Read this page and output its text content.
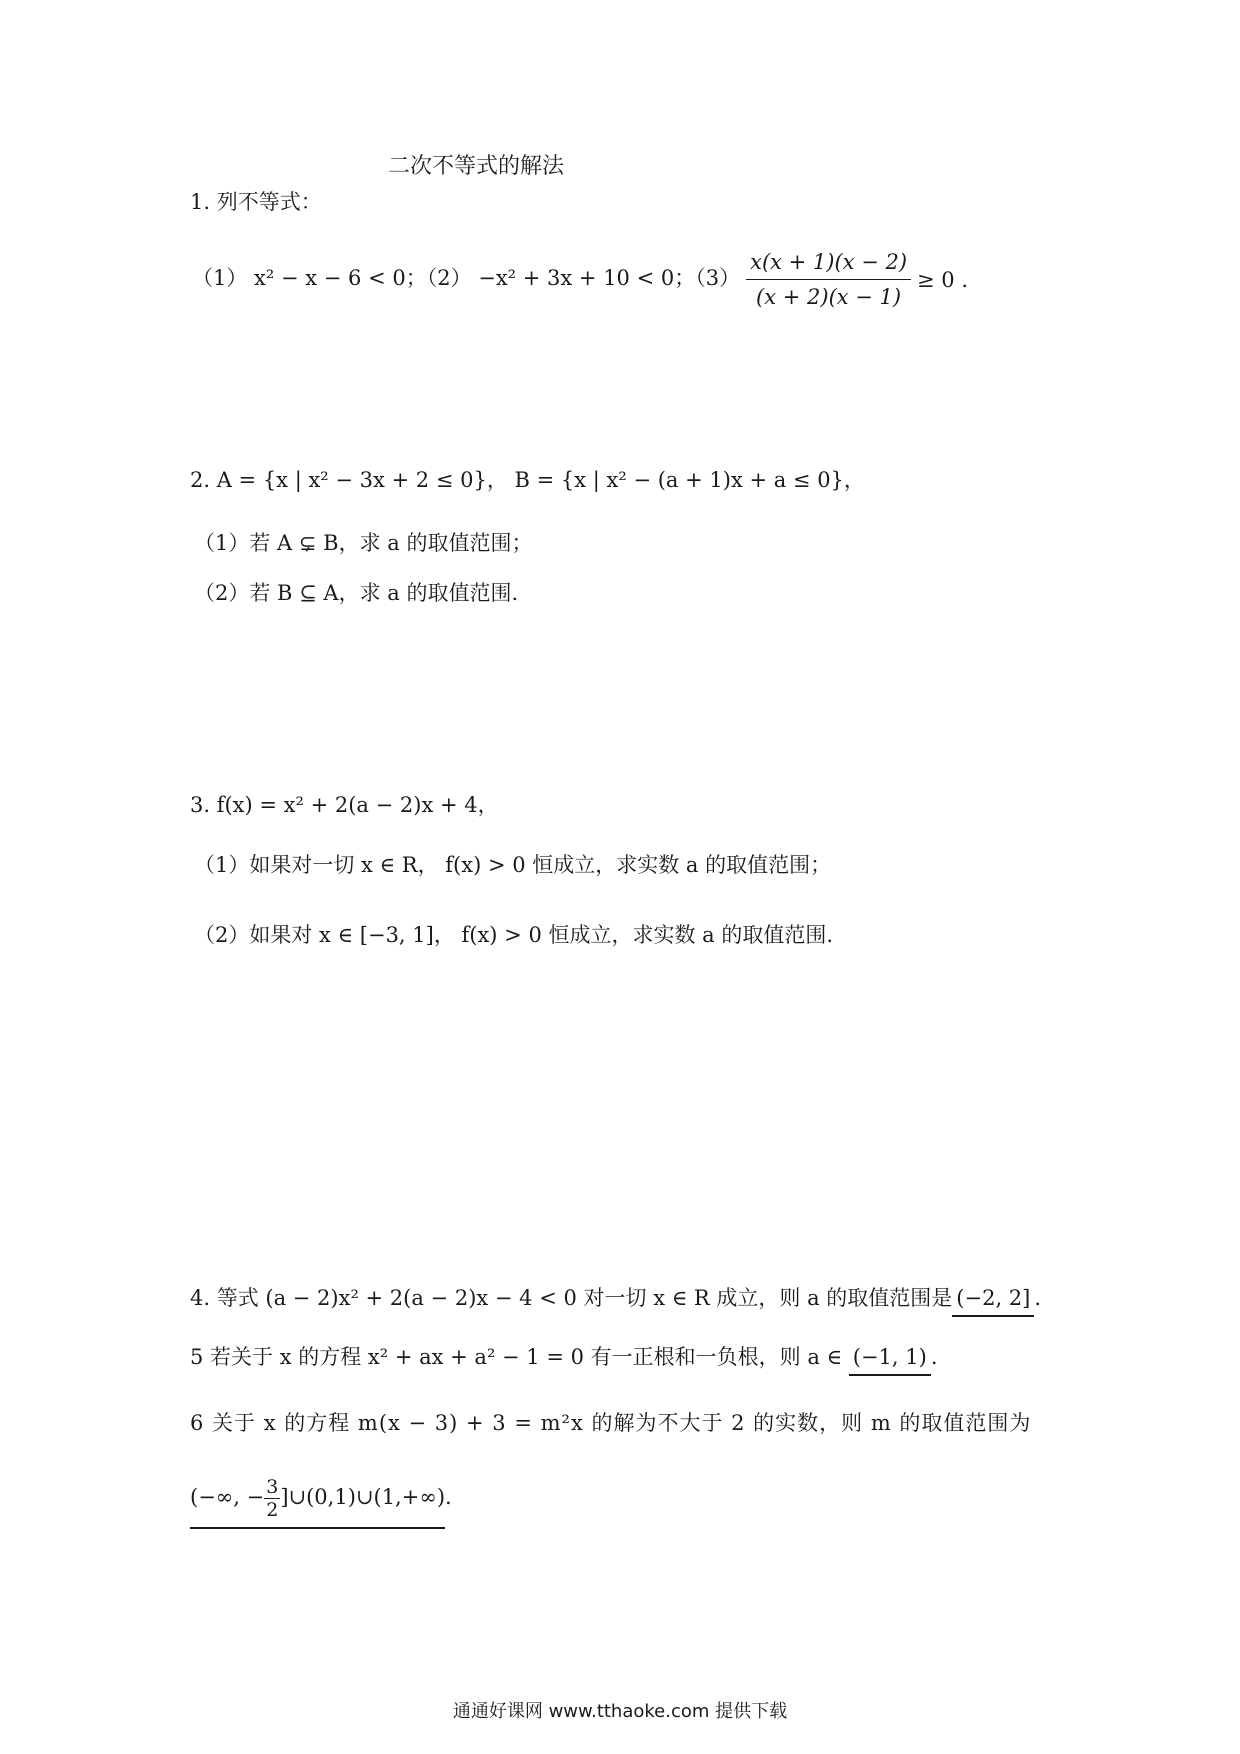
二次不等式的解法
1. 列不等式：
（1） x² − x − 6 < 0；（2） −x² + 3x + 10 < 0；$(3) \frac{x(x + 1)(x - 2)}{(x + 2)(x - 1)} \ge 0$ .
2. A = {x | x² − 3x + 2 ≤ 0}， B = {x | x² − (a + 1)x + a ≤ 0}，
（1）若 A ⊊ B，求 a 的取值范围；
（2）若 B ⊆ A，求 a 的取值范围.
3. f(x) = x² + 2(a − 2)x + 4，
（1）如果对一切 x ∈ R， f(x) > 0 恒成立，求实数 a 的取值范围；
（2）如果对 x ∈ [−3, 1]， f(x) > 0 恒成立，求实数 a 的取值范围.
4. 等式 (a − 2)x² + 2(a − 2)x − 4 < 0 对一切 x ∈ R 成立，则 a 的取值范围是 (−2, 2] .
5 若关于 x 的方程 x² + ax + a² − 1 = 0 有一正根和一负根，则 a ∈ (−1, 1) .
6 关于 x 的方程 m(x − 3) + 3 = m²x 的解为不大于 2 的实数，则 m 的取值范围为
(−∞, − $\frac{3}{2}$ ]∪(0,1)∪(1,+∞).
通通好课网 www.tthaoke.com 提供下载
